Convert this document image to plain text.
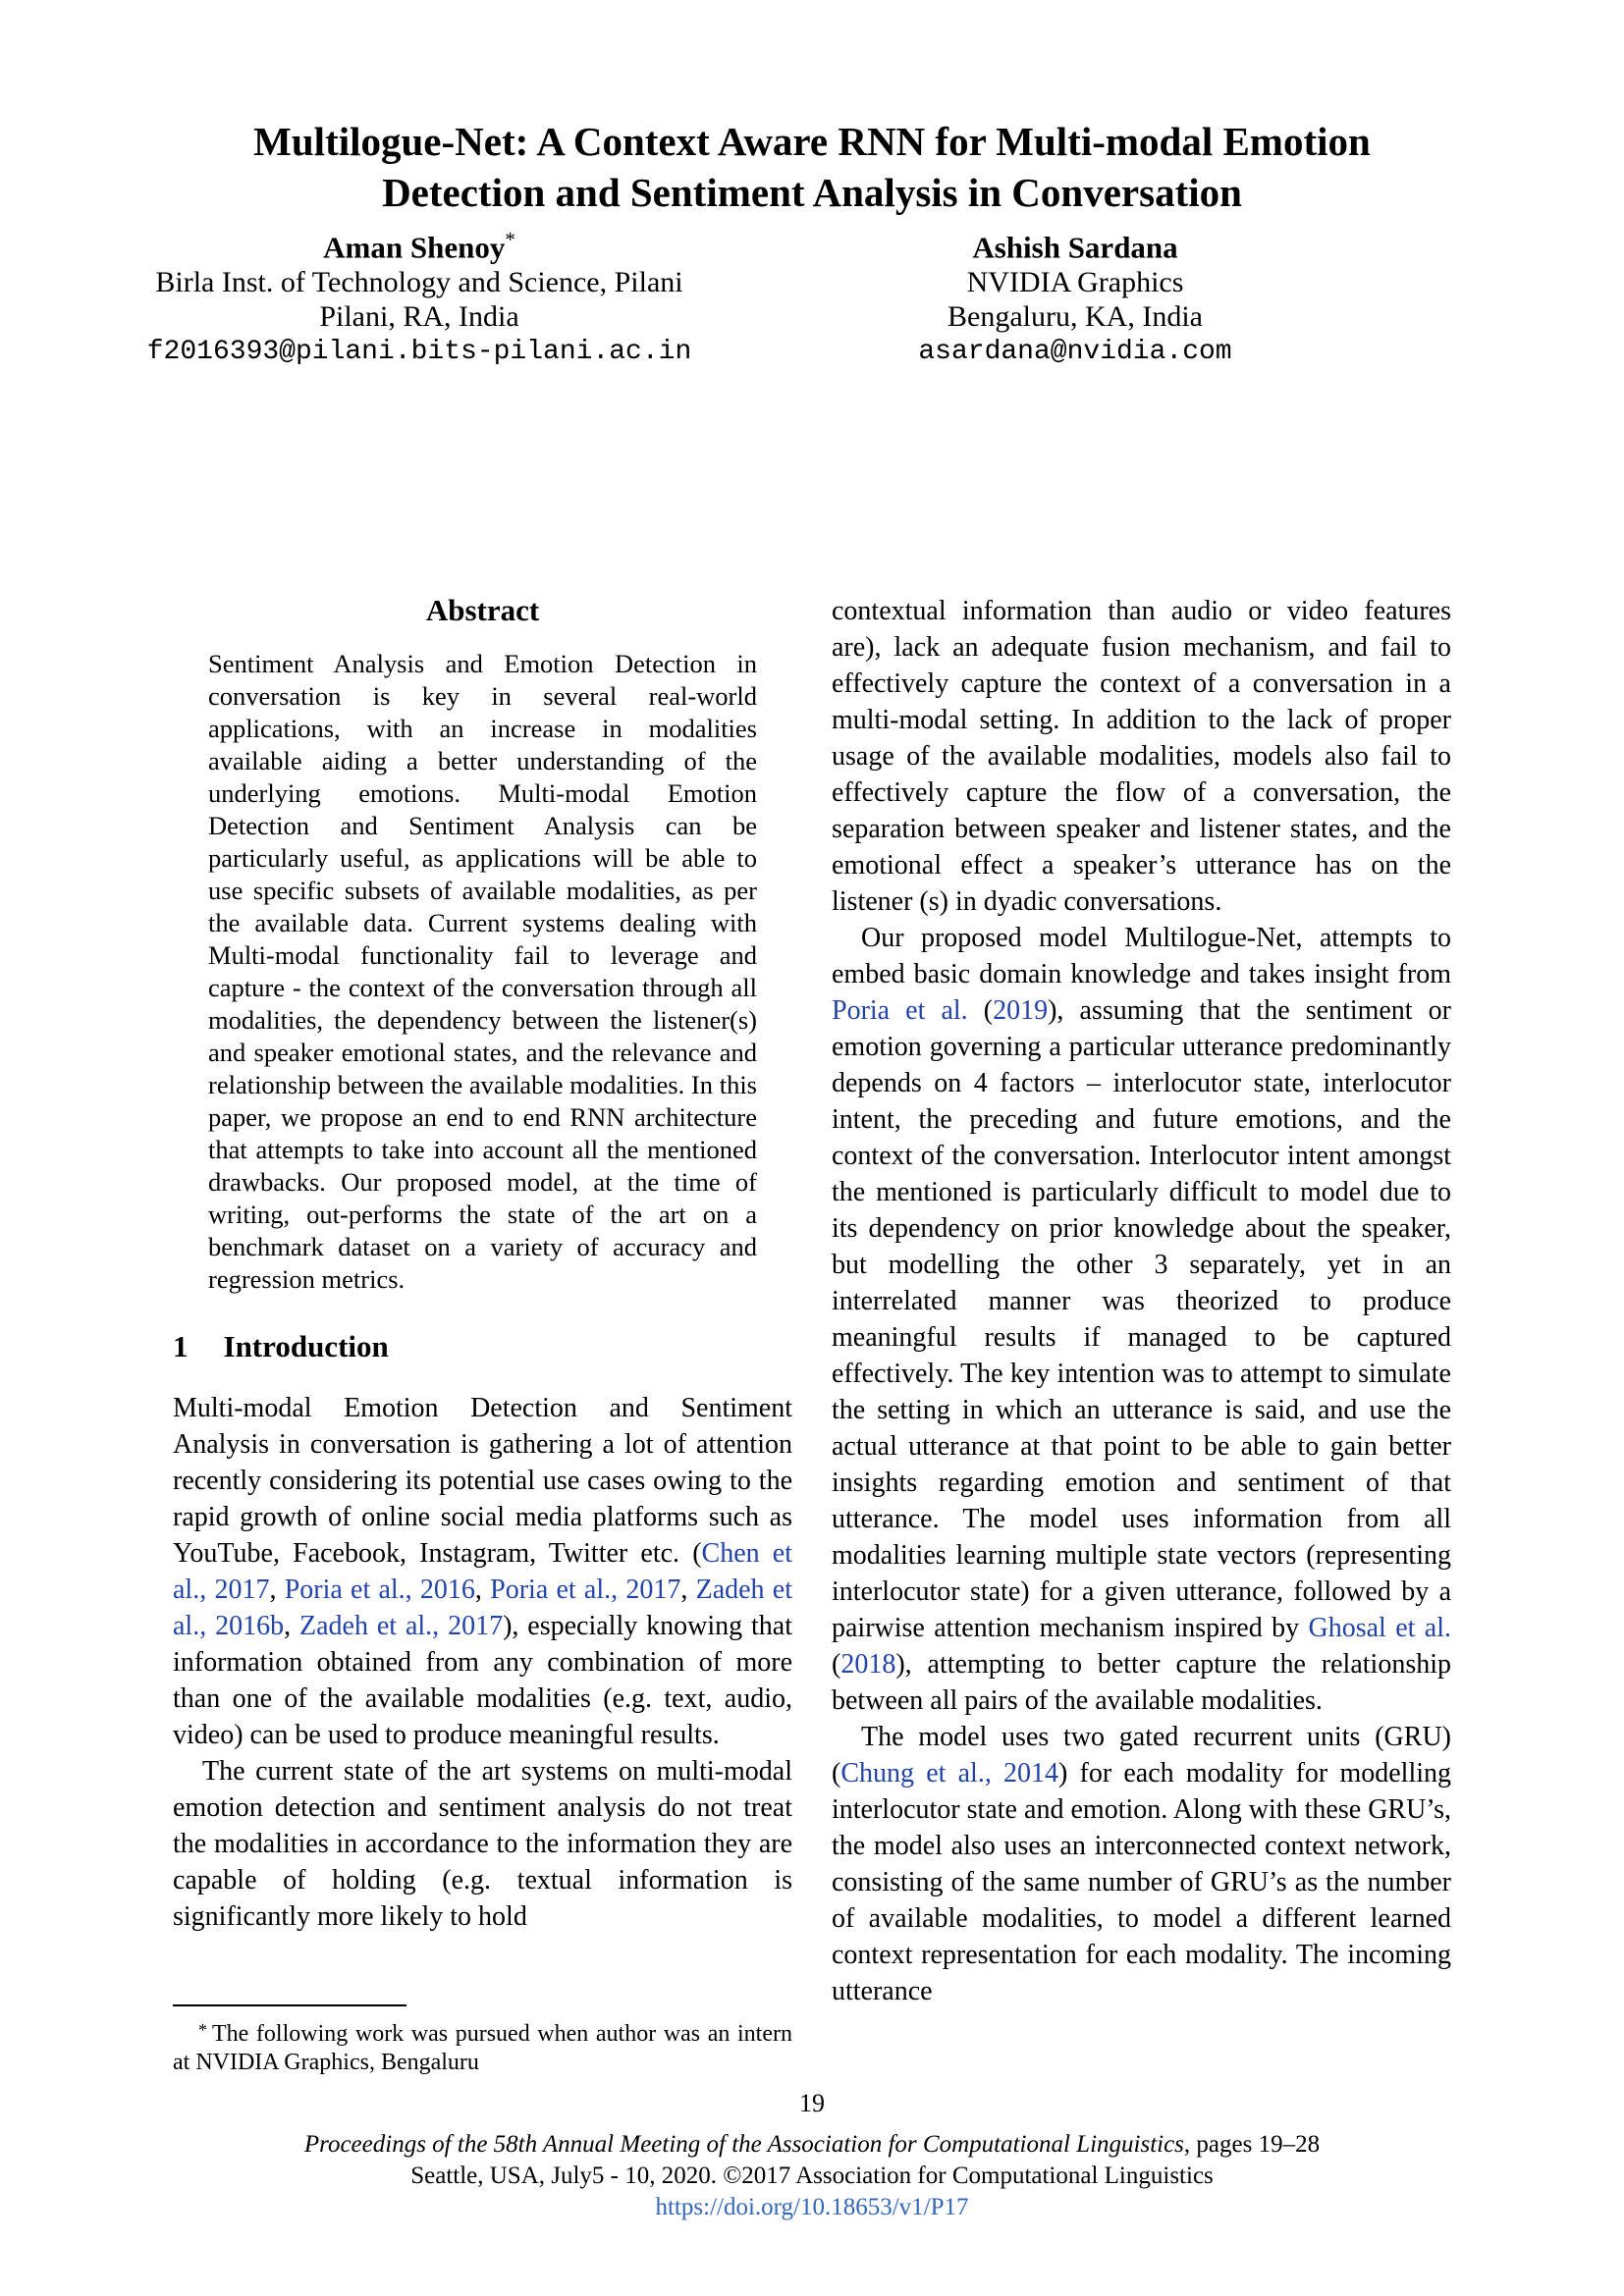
Multilogue-Net: A Context Aware RNN for Multi-modal Emotion
Detection and Sentiment Analysis in Conversation
Aman Shenoy*
Birla Inst. of Technology and Science, Pilani
Pilani, RA, India
f2016393@pilani.bits-pilani.ac.in
Ashish Sardana
NVIDIA Graphics
Bengaluru, KA, India
asardana@nvidia.com
Abstract

Sentiment Analysis and Emotion Detection in conversation is key in several real-world applications, with an increase in modalities available aiding a better understanding of the underlying emotions. Multi-modal Emotion Detection and Sentiment Analysis can be particularly useful, as applications will be able to use specific subsets of available modalities, as per the available data. Current systems dealing with Multi-modal functionality fail to leverage and capture - the context of the conversation through all modalities, the dependency between the listener(s) and speaker emotional states, and the relevance and relationship between the available modalities. In this paper, we propose an end to end RNN architecture that attempts to take into account all the mentioned drawbacks. Our proposed model, at the time of writing, out-performs the state of the art on a benchmark dataset on a variety of accuracy and regression metrics.

1 Introduction

Multi-modal Emotion Detection and Sentiment Analysis in conversation is gathering a lot of attention recently considering its potential use cases owing to the rapid growth of online social media platforms such as YouTube, Facebook, Instagram, Twitter etc. (Chen et al., 2017, Poria et al., 2016, Poria et al., 2017, Zadeh et al., 2016b, Zadeh et al., 2017), especially knowing that information obtained from any combination of more than one of the available modalities (e.g. text, audio, video) can be used to produce meaningful results.

The current state of the art systems on multi-modal emotion detection and sentiment analysis do not treat the modalities in accordance to the information they are capable of holding (e.g. textual information is significantly more likely to hold

contextual information than audio or video features are), lack an adequate fusion mechanism, and fail to effectively capture the context of a conversation in a multi-modal setting. In addition to the lack of proper usage of the available modalities, models also fail to effectively capture the flow of a conversation, the separation between speaker and listener states, and the emotional effect a speaker’s utterance has on the listener (s) in dyadic conversations.

Our proposed model Multilogue-Net, attempts to embed basic domain knowledge and takes insight from Poria et al. (2019), assuming that the sentiment or emotion governing a particular utterance predominantly depends on 4 factors – interlocutor state, interlocutor intent, the preceding and future emotions, and the context of the conversation. Interlocutor intent amongst the mentioned is particularly difficult to model due to its dependency on prior knowledge about the speaker, but modelling the other 3 separately, yet in an interrelated manner was theorized to produce meaningful results if managed to be captured effectively. The key intention was to attempt to simulate the setting in which an utterance is said, and use the actual utterance at that point to be able to gain better insights regarding emotion and sentiment of that utterance. The model uses information from all modalities learning multiple state vectors (representing interlocutor state) for a given utterance, followed by a pairwise attention mechanism inspired by Ghosal et al. (2018), attempting to better capture the relationship between all pairs of the available modalities.

The model uses two gated recurrent units (GRU) (Chung et al., 2014) for each modality for modelling interlocutor state and emotion. Along with these GRU’s, the model also uses an interconnected context network, consisting of the same number of GRU’s as the number of available modalities, to model a different learned context representation for each modality. The incoming utterance

* The following work was pursued when author was an intern at NVIDIA Graphics, Bengaluru

19
Proceedings of the 58th Annual Meeting of the Association for Computational Linguistics, pages 19–28
Seattle, USA, July5 - 10, 2020. ©2017 Association for Computational Linguistics
https://doi.org/10.18653/v1/P17
